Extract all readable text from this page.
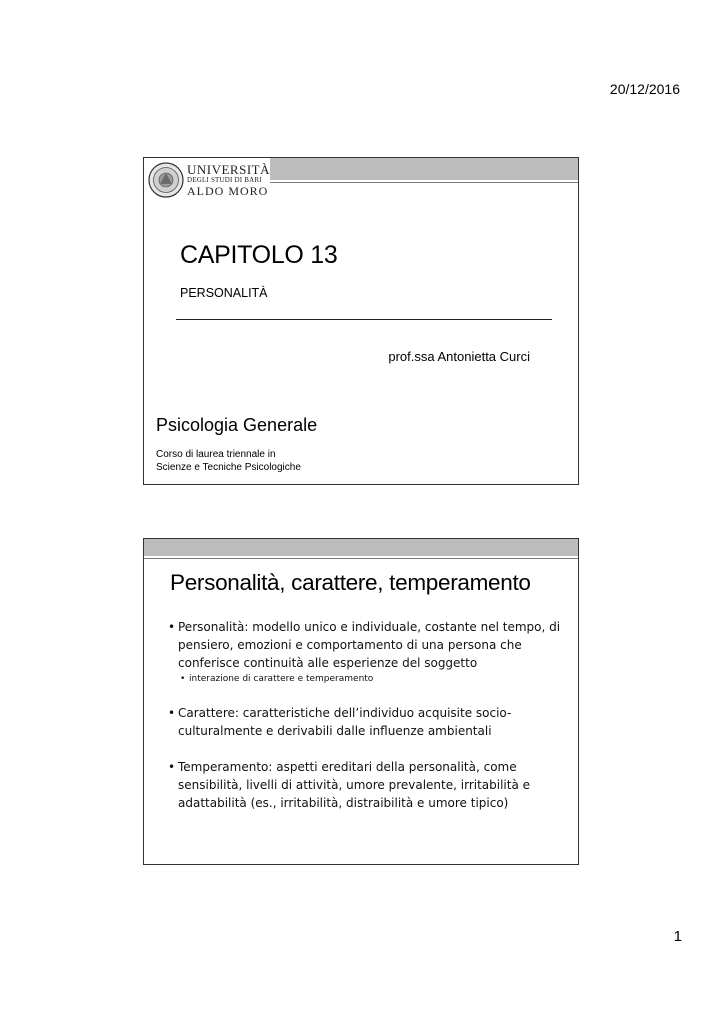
20/12/2016
UNIVERSITÀ
DEGLI STUDI DI BARI
ALDO MORO
CAPITOLO 13
PERSONALITÀ
prof.ssa Antonietta Curci
Psicologia Generale
Corso di laurea triennale in
Scienze e Tecniche Psicologiche
Personalità, carattere, temperamento
• Personalità: modello unico e individuale, costante nel tempo, di pensiero, emozioni e comportamento di una persona che conferisce continuità alle esperienze del soggetto
• interazione di carattere e temperamento
• Carattere: caratteristiche dell’individuo acquisite socio-culturalmente e derivabili dalle influenze ambientali
• Temperamento: aspetti ereditari della personalità, come sensibilità, livelli di attività, umore prevalente, irritabilità e adattabilità (es., irritabilità, distraibilità e umore tipico)
1
